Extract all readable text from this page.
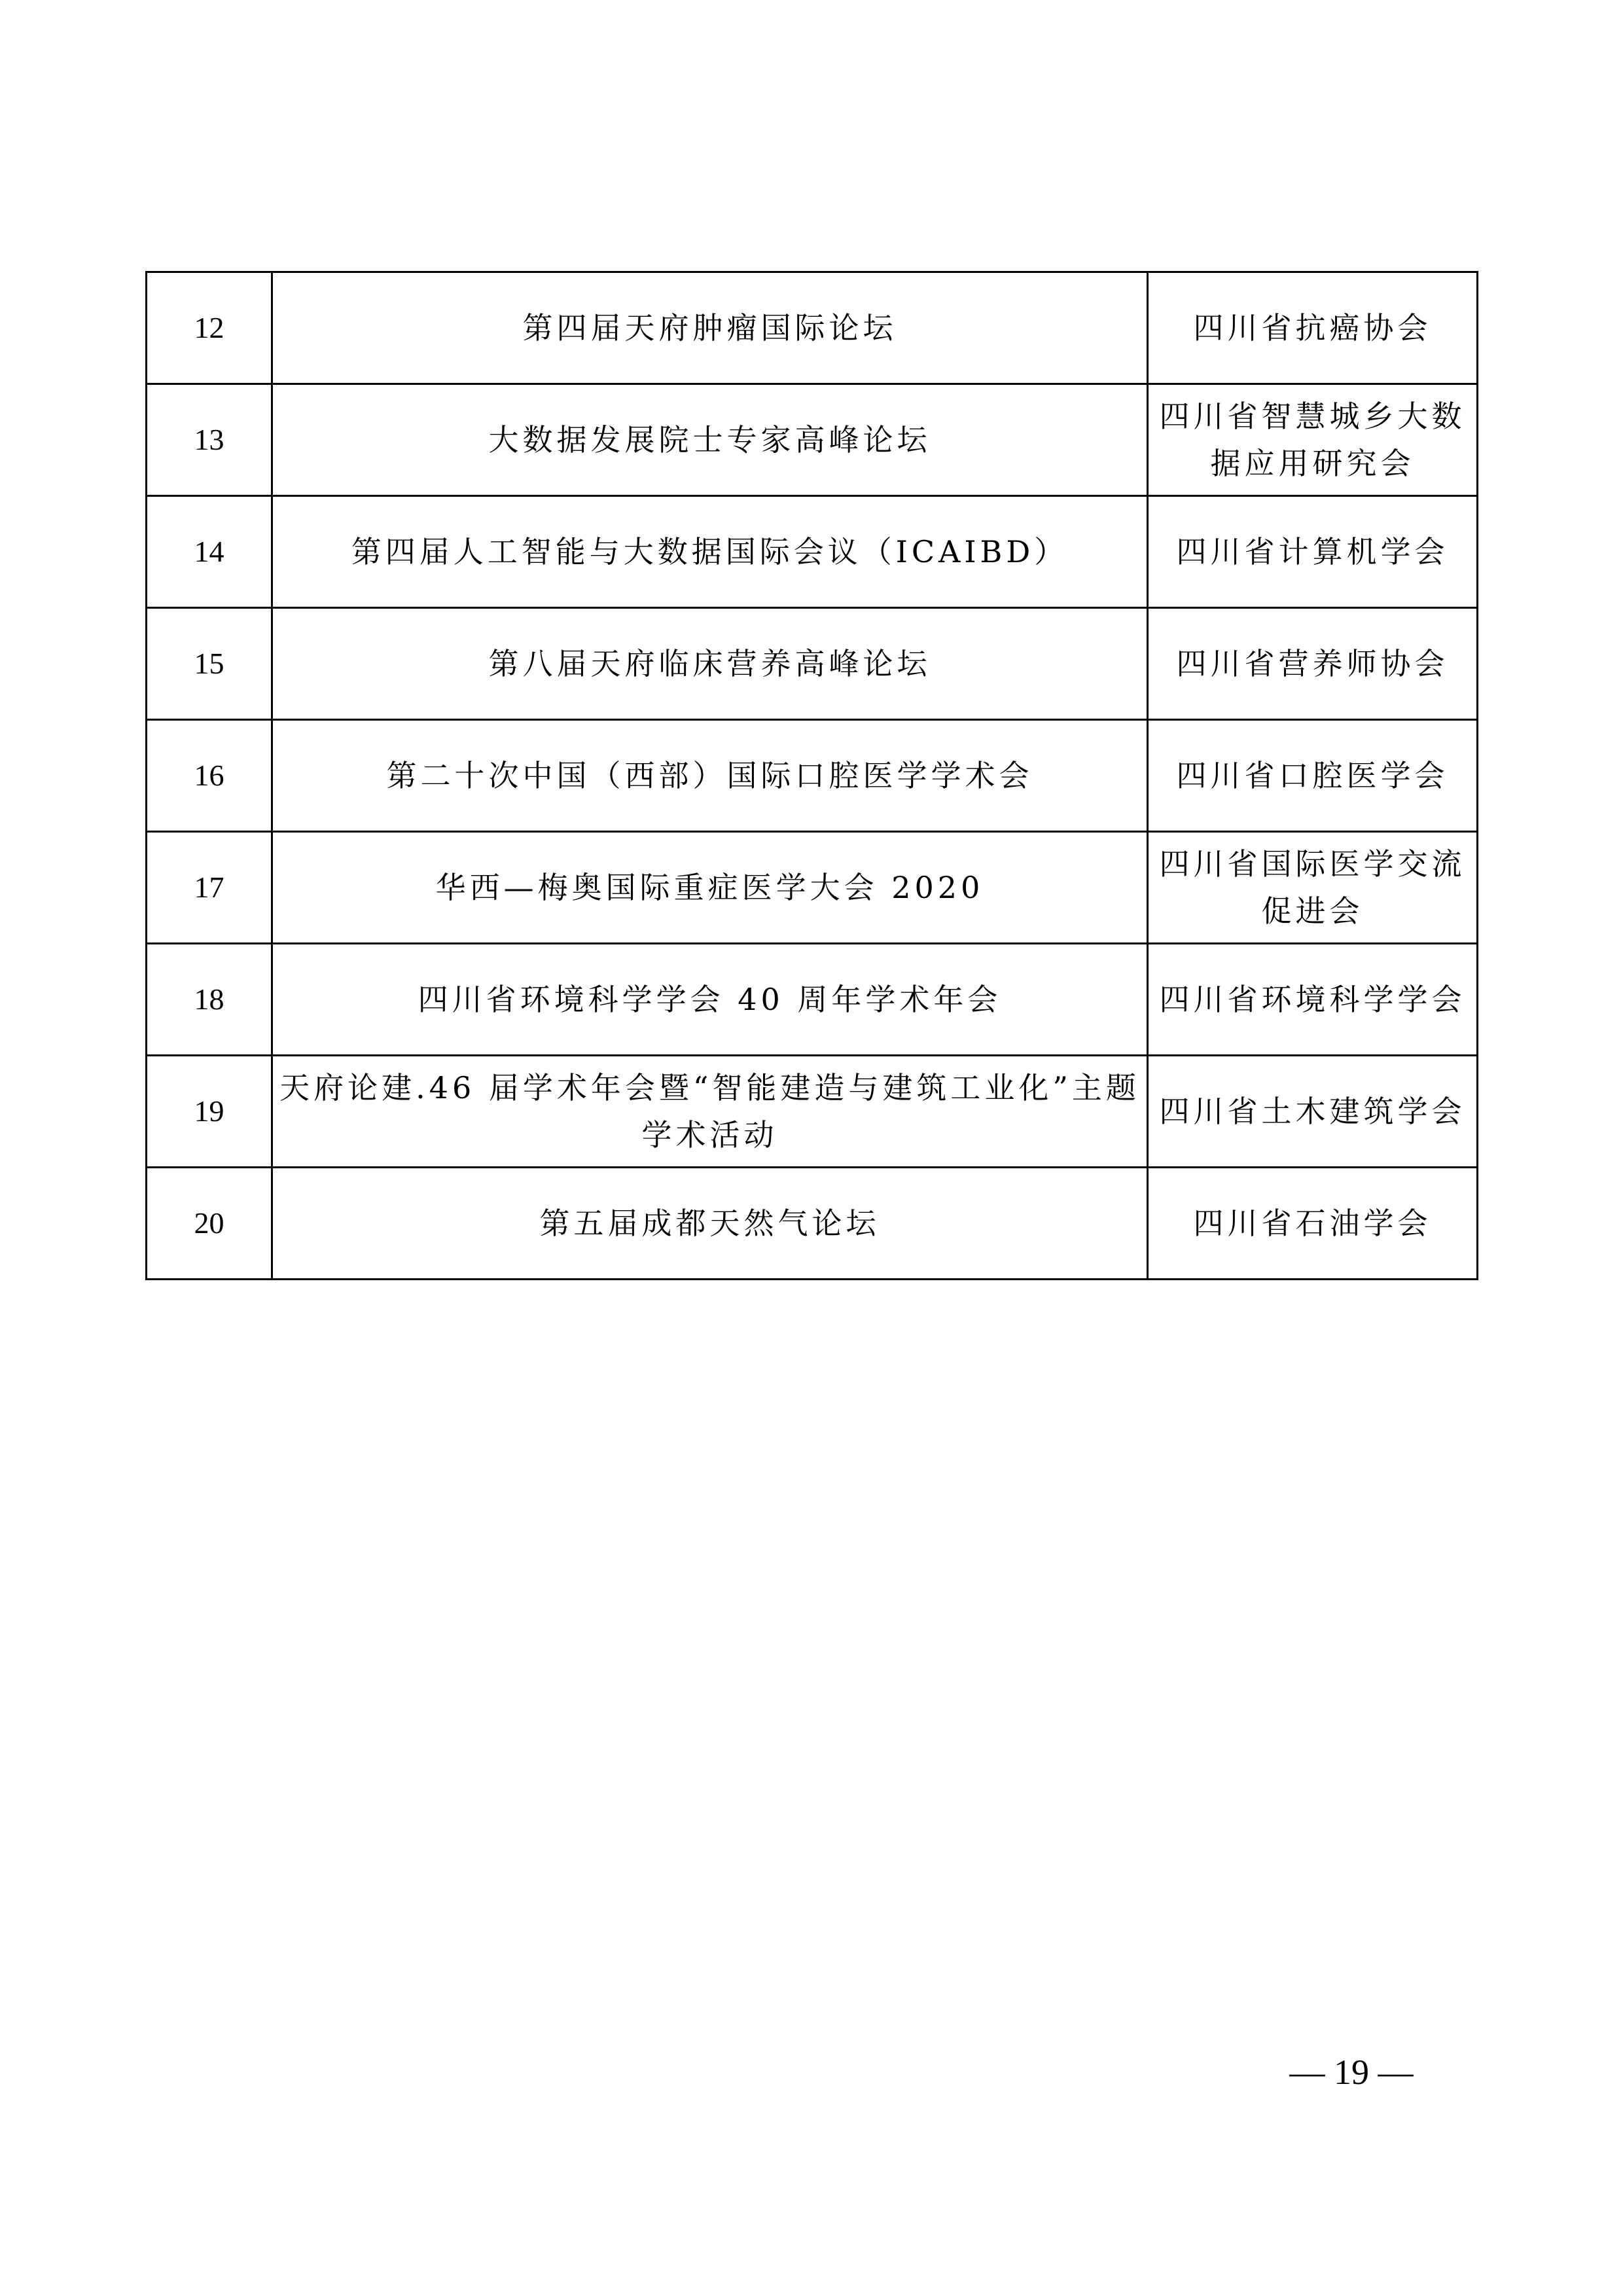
12	第四届天府肿瘤国际论坛	四川省抗癌协会
13	大数据发展院士专家高峰论坛	四川省智慧城乡大数据应用研究会
14	第四届人工智能与大数据国际会议（ICAIBD）	四川省计算机学会
15	第八届天府临床营养高峰论坛	四川省营养师协会
16	第二十次中国（西部）国际口腔医学学术会	四川省口腔医学会
17	华西—梅奥国际重症医学大会 2020	四川省国际医学交流促进会
18	四川省环境科学学会 40 周年学术年会	四川省环境科学学会
19	天府论建.46 届学术年会暨“智能建造与建筑工业化”主题学术活动	四川省土木建筑学会
20	第五届成都天然气论坛	四川省石油学会
— 19 —
